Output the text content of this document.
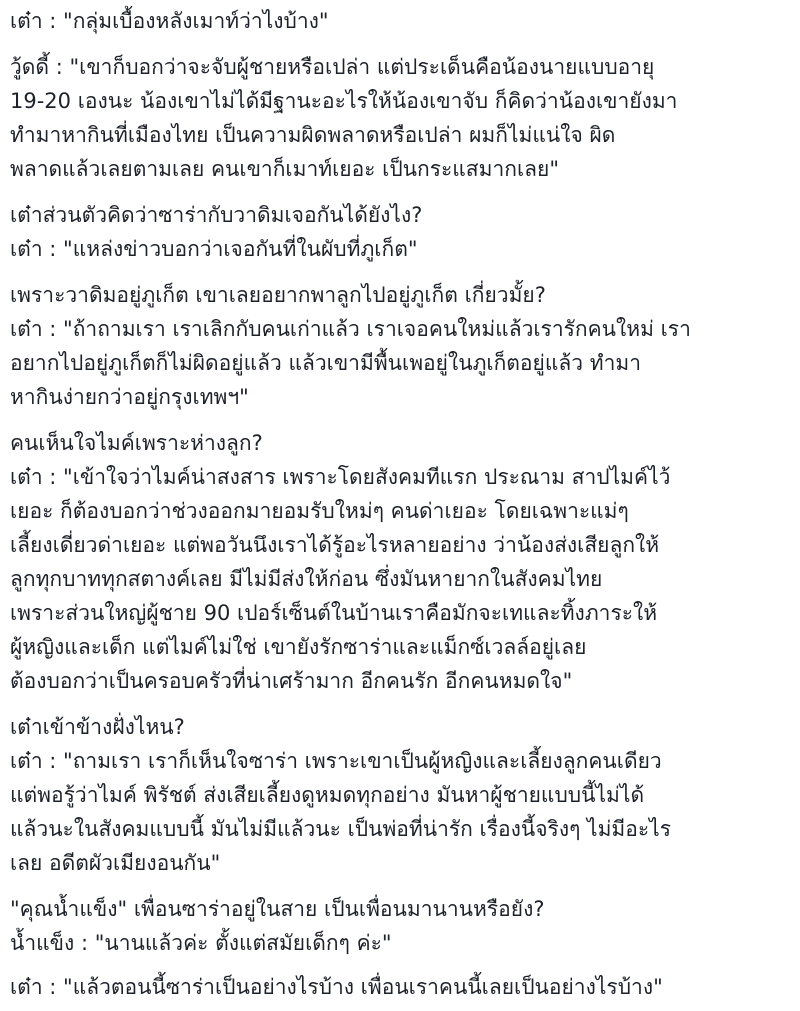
เต๋า : "กลุ่มเบื้องหลังเมาท์ว่าไงบ้าง"
วู้ดดี้ : "เขาก็บอกว่าจะจับผู้ชายหรือเปล่า แต่ประเด็นคือน้องนายแบบอายุ
19-20 เองนะ น้องเขาไม่ได้มีฐานะอะไรให้น้องเขาจับ ก็คิดว่าน้องเขายังมา
ทำมาหากินที่เมืองไทย เป็นความผิดพลาดหรือเปล่า ผมก็ไม่แน่ใจ ผิด
พลาดแล้วเลยตามเลย คนเขาก็เมาท์เยอะ เป็นกระแสมากเลย"
เต๋าส่วนตัวคิดว่าซาร่ากับวาดิมเจอกันได้ยังไง?
เต๋า : "แหล่งข่าวบอกว่าเจอกันที่ในผับที่ภูเก็ต"
เพราะวาดิมอยู่ภูเก็ต เขาเลยอยากพาลูกไปอยู่ภูเก็ต เกี่ยวมั้ย?
เต๋า : "ถ้าถามเรา เราเลิกกับคนเก่าแล้ว เราเจอคนใหม่แล้วเรารักคนใหม่ เรา
อยากไปอยู่ภูเก็ตก็ไม่ผิดอยู่แล้ว แล้วเขามีพื้นเพอยู่ในภูเก็ตอยู่แล้ว ทำมา
หากินง่ายกว่าอยู่กรุงเทพฯ"
คนเห็นใจไมค์เพราะห่างลูก?
เต๋า : "เข้าใจว่าไมค์น่าสงสาร เพราะโดยสังคมทีแรก ประณาม สาปไมค์ไว้
เยอะ ก็ต้องบอกว่าช่วงออกมายอมรับใหม่ๆ คนด่าเยอะ โดยเฉพาะแม่ๆ
เลี้ยงเดี่ยวด่าเยอะ แต่พอวันนึงเราได้รู้อะไรหลายอย่าง ว่าน้องส่งเสียลูกให้
ลูกทุกบาททุกสตางค์เลย มีไม่มีส่งให้ก่อน ซึ่งมันหายากในสังคมไทย
เพราะส่วนใหญ่ผู้ชาย 90 เปอร์เซ็นต์ในบ้านเราคือมักจะเทและทิ้งภาระให้
ผู้หญิงและเด็ก แต่ไมค์ไม่ใช่ เขายังรักซาร่าและแม็กซ์เวลล์อยู่เลย
ต้องบอกว่าเป็นครอบครัวที่น่าเศร้ามาก อีกคนรัก อีกคนหมดใจ"
เต๋าเข้าข้างฝั่งไหน?
เต๋า : "ถามเรา เราก็เห็นใจซาร่า เพราะเขาเป็นผู้หญิงและเลี้ยงลูกคนเดียว
แต่พอรู้ว่าไมค์ พิรัชต์ ส่งเสียเลี้ยงดูหมดทุกอย่าง มันหาผู้ชายแบบนี้ไม่ได้
แล้วนะในสังคมแบบนี้ มันไม่มีแล้วนะ เป็นพ่อที่น่ารัก เรื่องนี้จริงๆ ไม่มีอะไร
เลย อดีตผัวเมียงอนกัน"
"คุณน้ำแข็ง" เพื่อนซาร่าอยู่ในสาย เป็นเพื่อนมานานหรือยัง?
น้ำแข็ง : "นานแล้วค่ะ ตั้งแต่สมัยเด็กๆ ค่ะ"
เต๋า : "แล้วตอนนี้ซาร่าเป็นอย่างไรบ้าง เพื่อนเราคนนี้เลยเป็นอย่างไรบ้าง"
